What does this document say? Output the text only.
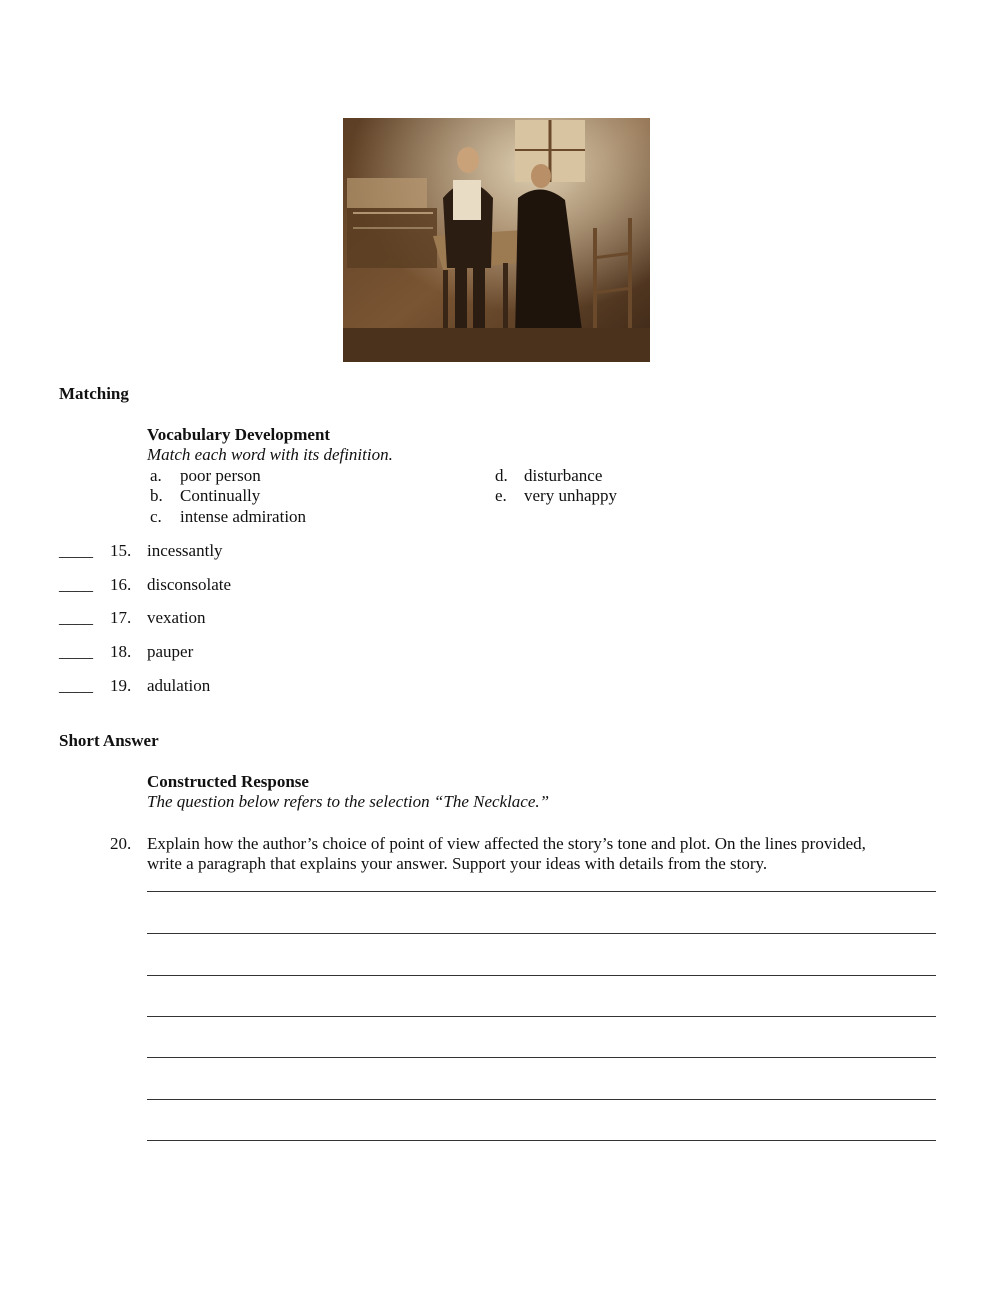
Matching
Vocabulary Development
Match each word with its definition.
a. poor person
b. Continually
c. intense admiration
d. disturbance
e. very unhappy
____ 15. incessantly
____ 16. disconsolate
____ 17. vexation
____ 18. pauper
____ 19. adulation
Short Answer
Constructed Response
The question below refers to the selection “The Necklace.”
20. Explain how the author’s choice of point of view affected the story’s tone and plot. On the lines provided,
write a paragraph that explains your answer. Support your ideas with details from the story.
